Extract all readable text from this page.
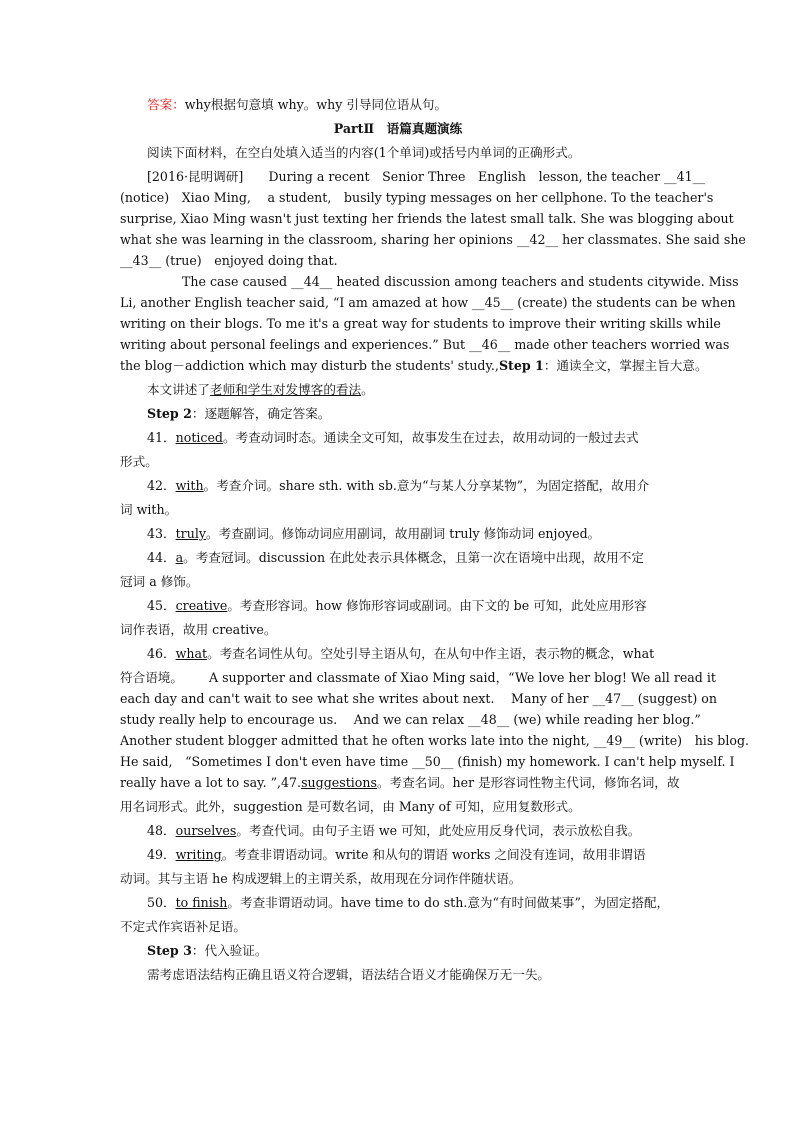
答案：why根据句意填 why。why 引导同位语从句。
PartⅡ　语篇真题演练
阅读下面材料，在空白处填入适当的内容(1个单词)或括号内单词的正确形式。
[2016·昆明调研]　　During a recent　Senior Three　English　lesson, the teacher __41__
(notice)　Xiao Ming,　 a student,　busily typing messages on her cellphone. To the teacher's
surprise, Xiao Ming wasn't just texting her friends the latest small talk. She was blogging about
what she was learning in the classroom, sharing her opinions __42__ her classmates. She said she
__43__ (true)　enjoyed doing that.
The case caused __44__ heated discussion among teachers and students citywide. Miss
Li, another English teacher said, “I am amazed at how __45__ (create) the students can be when
writing on their blogs. To me it's a great way for students to improve their writing skills while
writing about personal feelings and experiences.” But __46__ made other teachers worried was
the blog－addiction which may disturb the students' study.,Step 1：通读全文，掌握主旨大意。
本文讲述了老师和学生对发博客的看法。
Step 2：逐题解答，确定答案。
41．noticed。考查动词时态。通读全文可知，故事发生在过去，故用动词的一般过去式
形式。
42．with。考查介词。share sth. with sb.意为“与某人分享某物”，为固定搭配，故用介
词 with。
43．truly。考查副词。修饰动词应用副词，故用副词 truly 修饰动词 enjoyed。
44．a。考查冠词。discussion 在此处表示具体概念，且第一次在语境中出现，故用不定
冠词 a 修饰。
45．creative。考查形容词。how 修饰形容词或副词。由下文的 be 可知，此处应用形容
词作表语，故用 creative。
46．what。考查名词性从句。空处引导主语从句，在从句中作主语，表示物的概念，what
符合语境。 A supporter and classmate of Xiao Ming said，“We love her blog! We all read it
each day and can't wait to see what she writes about next.　 Many of her __47__ (suggest) on
study really help to encourage us.　 And we can relax __48__ (we) while reading her blog.”
Another student blogger admitted that he often works late into the night, __49__ (write)　his blog.
He said,　“Sometimes I don't even have time __50__ (finish) my homework. I can't help myself. I
really have a lot to say. ”,47.suggestions。考查名词。her 是形容词性物主代词，修饰名词，故
用名词形式。此外，suggestion 是可数名词，由 Many of 可知，应用复数形式。
48．ourselves。考查代词。由句子主语 we 可知，此处应用反身代词，表示放松自我。
49．writing。考查非谓语动词。write 和从句的谓语 works 之间没有连词，故用非谓语
动词。其与主语 he 构成逻辑上的主谓关系，故用现在分词作伴随状语。
50．to finish。考查非谓语动词。have time to do sth.意为“有时间做某事”，为固定搭配，
不定式作宾语补足语。
Step 3：代入验证。
需考虑语法结构正确且语义符合逻辑，语法结合语义才能确保万无一失。
